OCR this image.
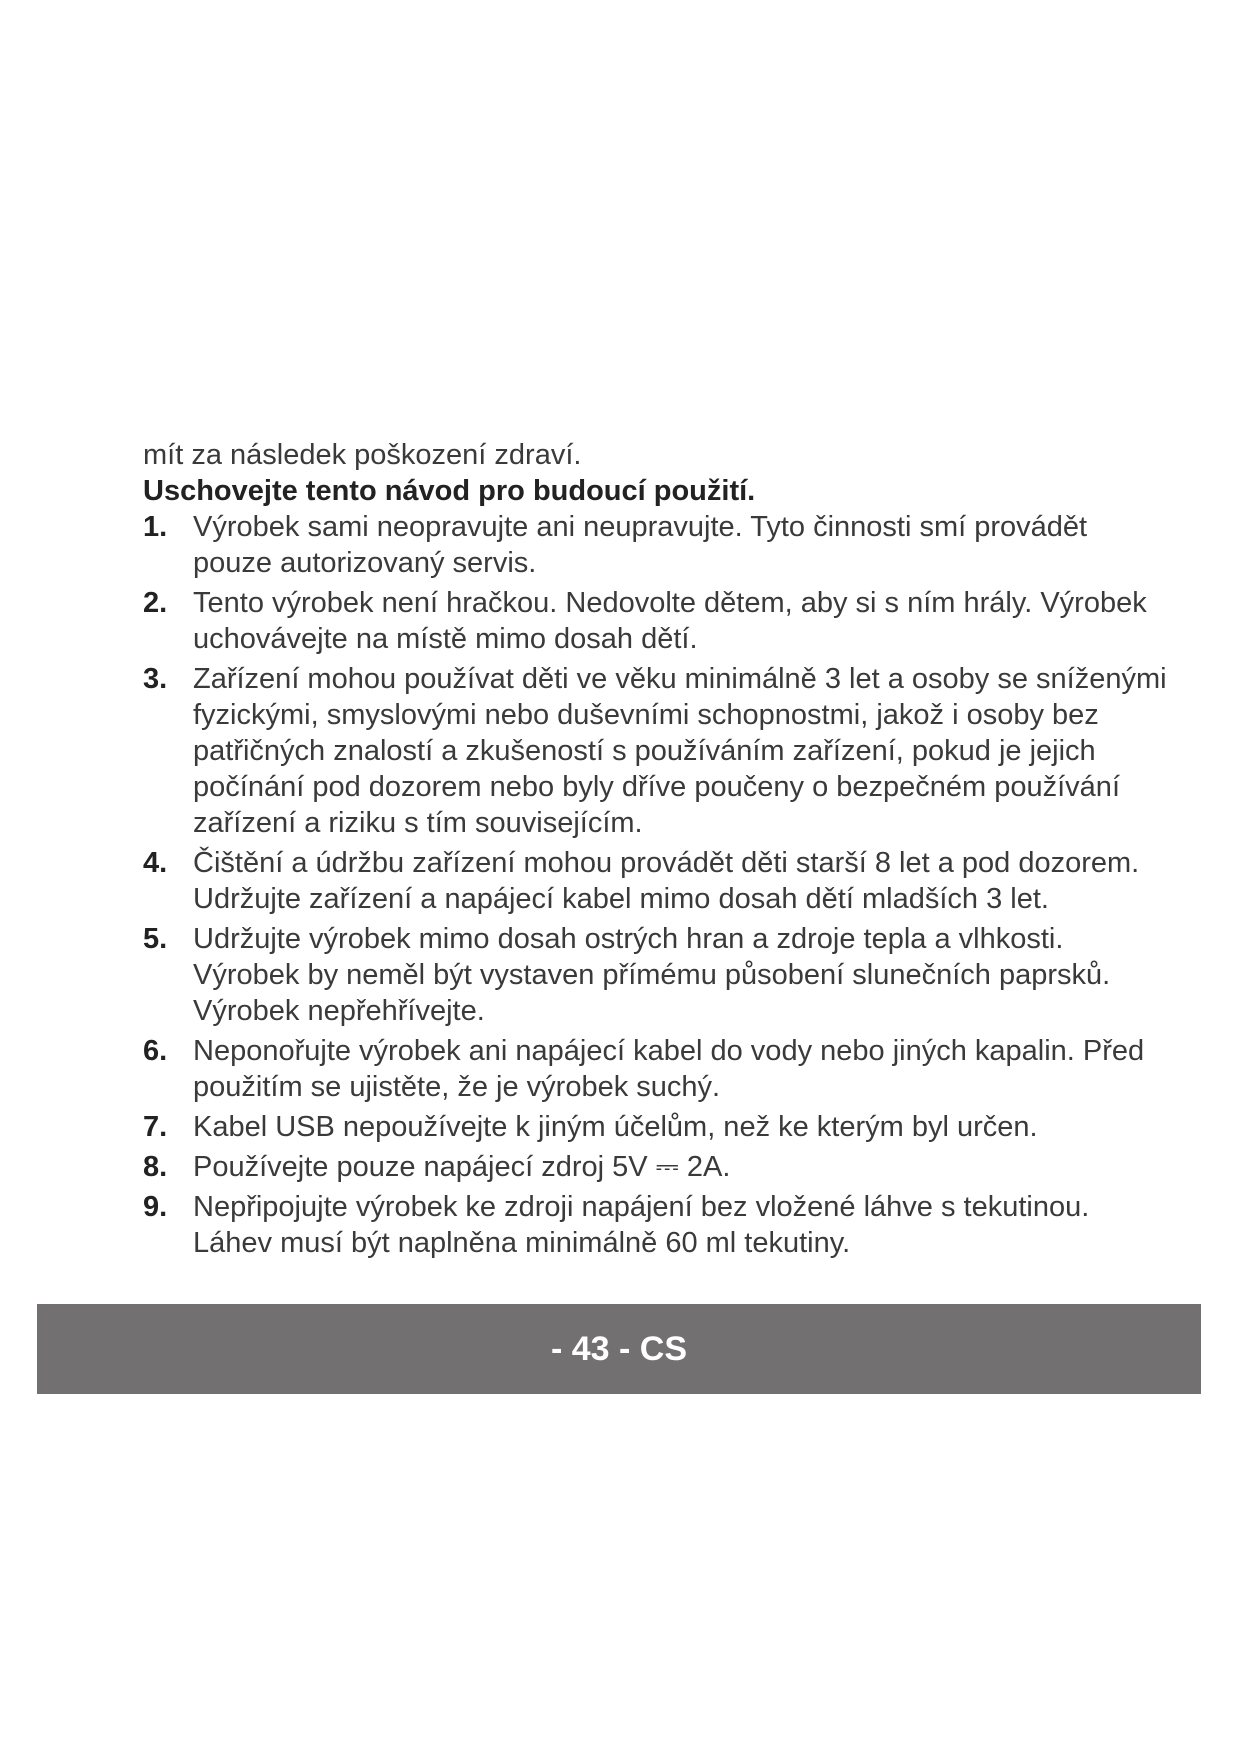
mít za následek poškození zdraví.

Uschovejte tento návod pro budoucí použití.

1. Výrobek sami neopravujte ani neupravujte. Tyto činnosti smí provádět pouze autorizovaný servis.
2. Tento výrobek není hračkou. Nedovolte dětem, aby si s ním hrály. Výrobek uchovávejte na místě mimo dosah dětí.
3. Zařízení mohou používat děti ve věku minimálně 3 let a osoby se sníženými fyzickými, smyslovými nebo duševními schopnostmi, jakož i osoby bez patřičných znalostí a zkušeností s používáním zařízení, pokud je jejich počínání pod dozorem nebo byly dříve poučeny o bezpečném používání zařízení a riziku s tím souvisejícím.
4. Čištění a údržbu zařízení mohou provádět děti starší 8 let a pod dozorem. Udržujte zařízení a napájecí kabel mimo dosah dětí mladších 3 let.
5. Udržujte výrobek mimo dosah ostrých hran a zdroje tepla a vlhkosti. Výrobek by neměl být vystaven přímému působení slunečních paprsků. Výrobek nepřehřívejte.
6. Neponořujte výrobek ani napájecí kabel do vody nebo jiných kapalin. Před použitím se ujistěte, že je výrobek suchý.
7. Kabel USB nepoužívejte k jiným účelům, než ke kterým byl určen.
8. Používejte pouze napájecí zdroj 5V ⎓ 2A.
9. Nepřipojujte výrobek ke zdroji napájení bez vložené láhve s tekutinou. Láhev musí být naplněna minimálně 60 ml tekutiny.
- 43 - CS
